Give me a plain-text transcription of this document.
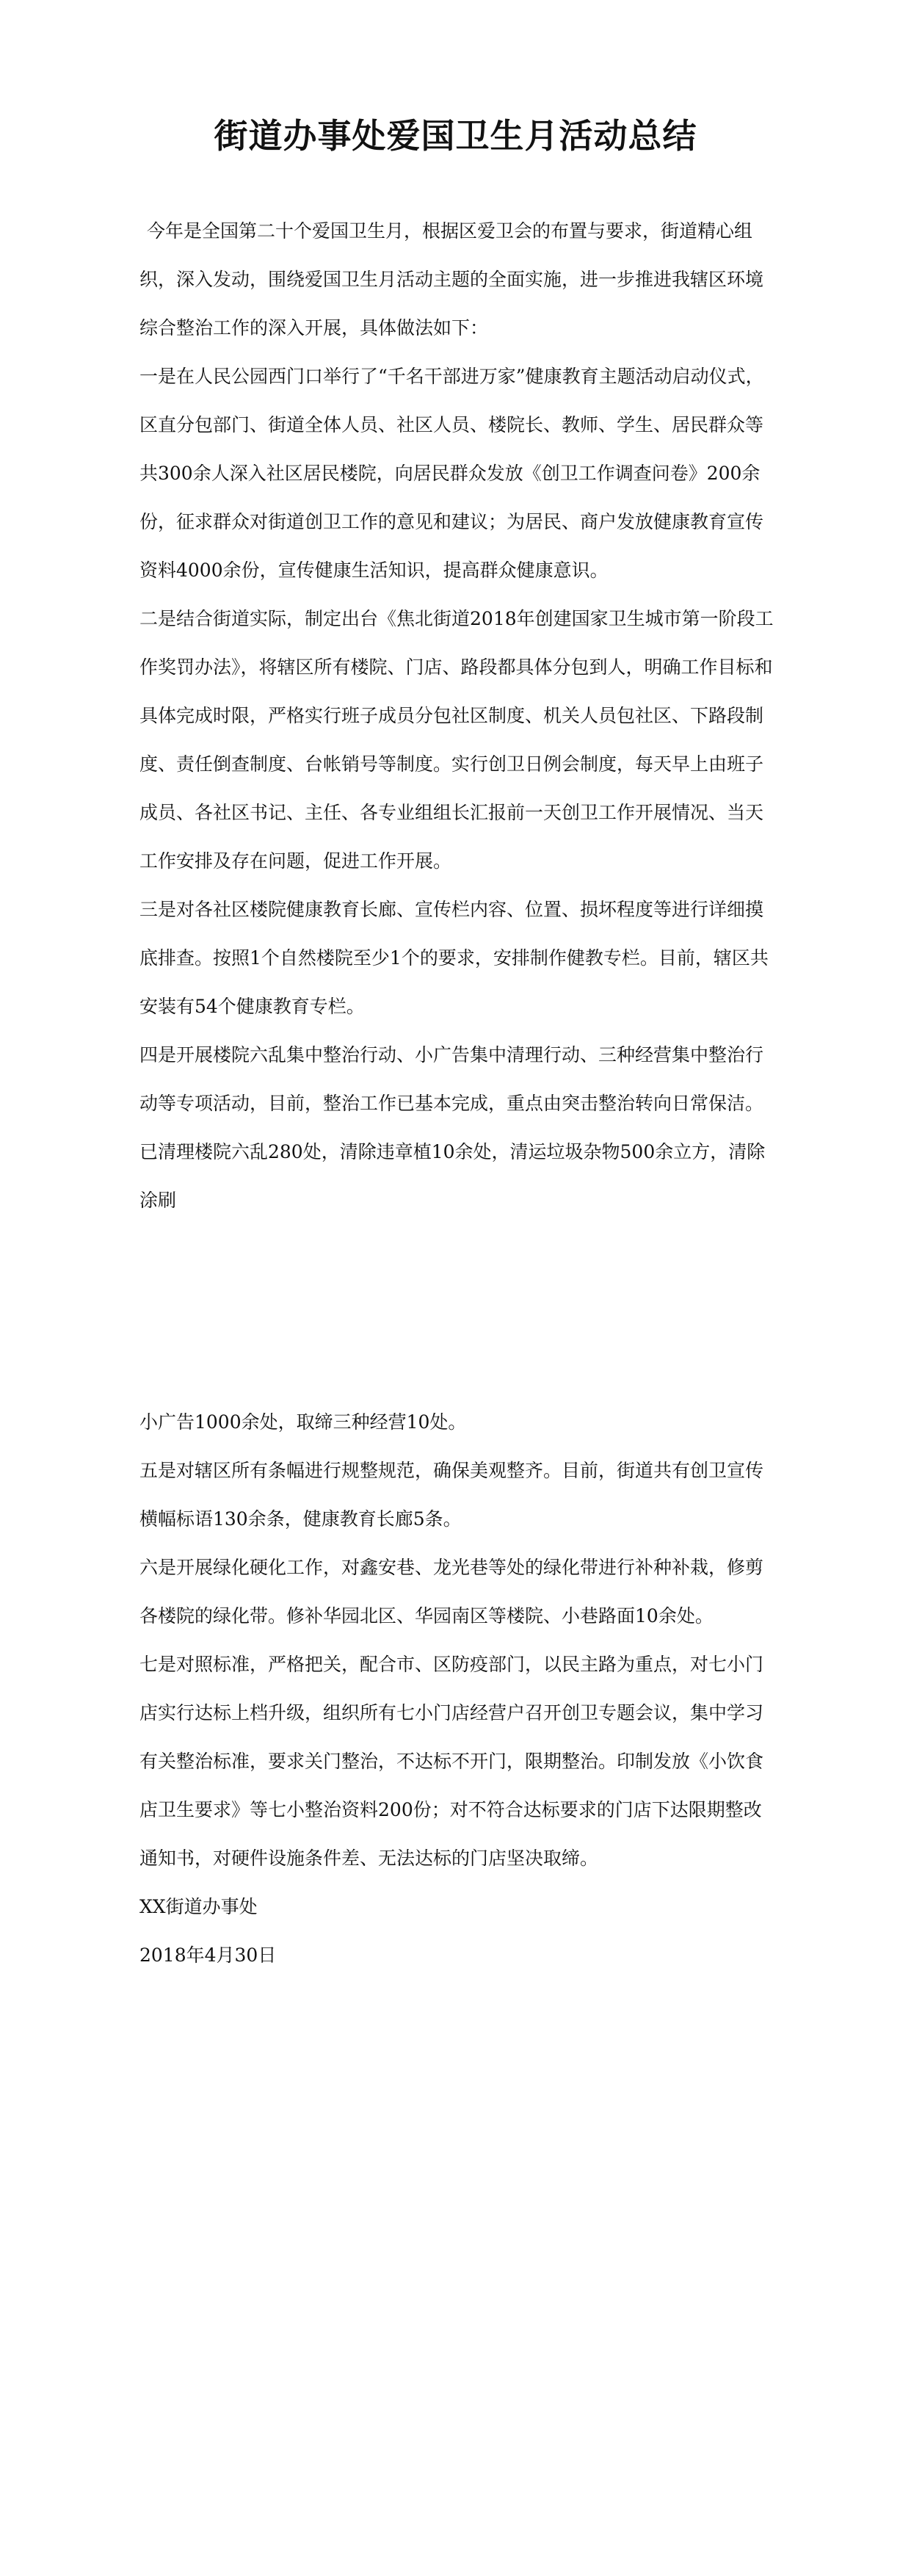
街道办事处爱国卫生月活动总结

今年是全国第二十个爱国卫生月，根据区爱卫会的布置与要求，街道精心组织，深入发动，围绕爱国卫生月活动主题的全面实施，进一步推进我辖区环境综合整治工作的深入开展，具体做法如下：

一是在人民公园西门口举行了“千名干部进万家”健康教育主题活动启动仪式，区直分包部门、街道全体人员、社区人员、楼院长、教师、学生、居民群众等共300余人深入社区居民楼院，向居民群众发放《创卫工作调查问卷》200余份，征求群众对街道创卫工作的意见和建议；为居民、商户发放健康教育宣传资料4000余份，宣传健康生活知识，提高群众健康意识。

二是结合街道实际，制定出台《焦北街道2018年创建国家卫生城市第一阶段工作奖罚办法》，将辖区所有楼院、门店、路段都具体分包到人，明确工作目标和具体完成时限，严格实行班子成员分包社区制度、机关人员包社区、下路段制度、责任倒查制度、台帐销号等制度。实行创卫日例会制度，每天早上由班子成员、各社区书记、主任、各专业组组长汇报前一天创卫工作开展情况、当天工作安排及存在问题，促进工作开展。

三是对各社区楼院健康教育长廊、宣传栏内容、位置、损坏程度等进行详细摸底排查。按照1个自然楼院至少1个的要求，安排制作健教专栏。目前，辖区共安装有54个健康教育专栏。

四是开展楼院六乱集中整治行动、小广告集中清理行动、三种经营集中整治行动等专项活动，目前，整治工作已基本完成，重点由突击整治转向日常保洁。已清理楼院六乱280处，清除违章植10余处，清运垃圾杂物500余立方，清除涂刷

小广告1000余处，取缔三种经营10处。

五是对辖区所有条幅进行规整规范，确保美观整齐。目前，街道共有创卫宣传横幅标语130余条，健康教育长廊5条。

六是开展绿化硬化工作，对鑫安巷、龙光巷等处的绿化带进行补种补栽，修剪各楼院的绿化带。修补华园北区、华园南区等楼院、小巷路面10余处。

七是对照标准，严格把关，配合市、区防疫部门，以民主路为重点，对七小门店实行达标上档升级，组织所有七小门店经营户召开创卫专题会议，集中学习有关整治标准，要求关门整治，不达标不开门，限期整治。印制发放《小饮食店卫生要求》等七小整治资料200份；对不符合达标要求的门店下达限期整改通知书，对硬件设施条件差、无法达标的门店坚决取缔。

XX街道办事处

2018年4月30日
